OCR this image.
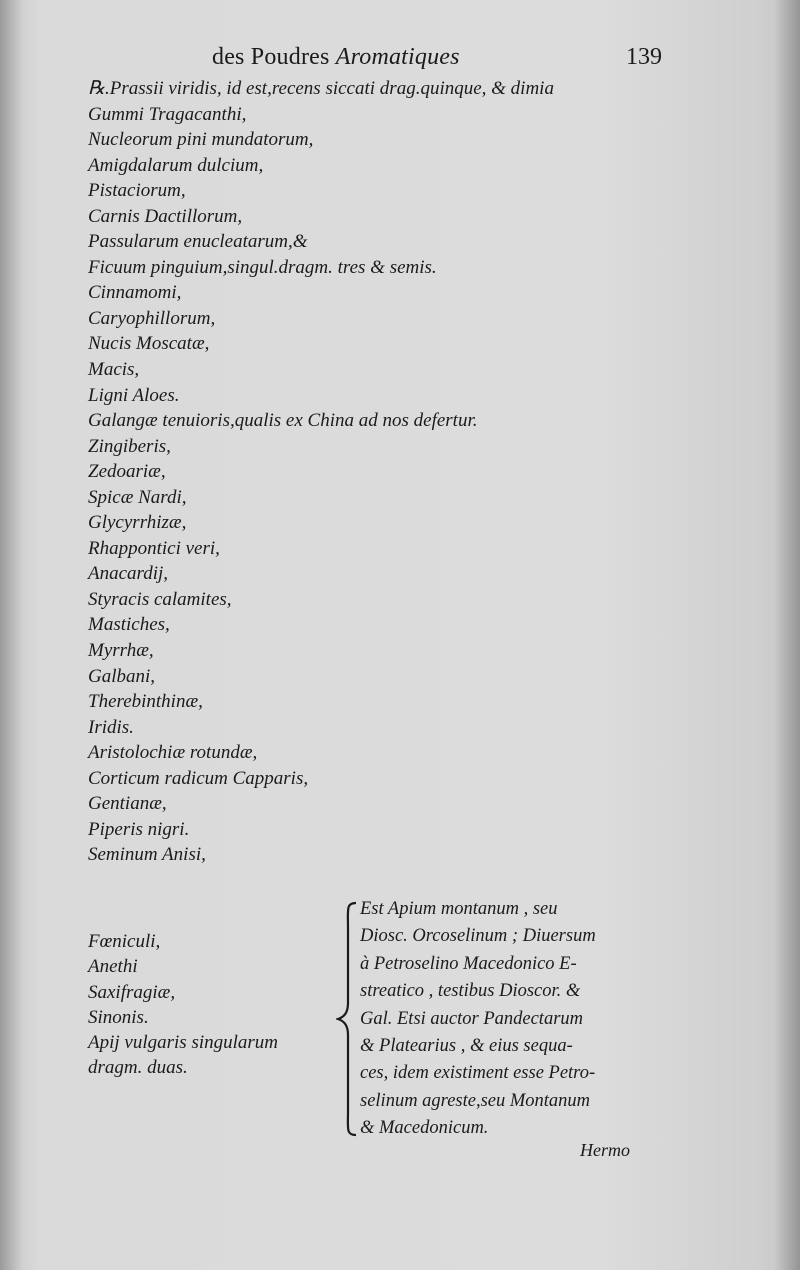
des Poudres Aromatiques	139
℞.Prassii viridis, id est,recens siccati drag.quinque, & dimia
Gummi Tragacanthi,
Nucleorum pini mundatorum,
Amigdalarum dulcium,
Pistaciorum,
Carnis Dactillorum,
Passularum enucleatarum,&
Ficuum pinguium,singul.dragm. tres & semis.
Cinnamomi,
Caryophillorum,
Nucis Moscatæ,
Macis,
Ligni Aloes.
Galangæ tenuioris,qualis ex China ad nos defertur.
Zingiberis,
Zedoariæ,
Spicæ Nardi,
Glycyrrhizæ,
Rhappontici veri,
Anacardij,
Styracis calamites,
Mastiches,
Myrrhæ,
Galbani,
Therebinthinæ,
Iridis.
Aristolochiæ rotundæ,
Corticum radicum Capparis,
Gentianæ,
Piperis nigri.
Seminum Anisi,
Fœniculi,
Anethi
Saxifragiæ,
Sinonis.
Apij vulgaris singularum
dragm. duas.
Est Apium montanum , seu
Diosc. Orcoselinum ; Diuersum
à Petroselino Macedonico E-
streatico , testibus Dioscor. &
Gal. Etsi auctor Pandectarum
& Platearius , & eius sequa-
ces, idem existiment esse Petro-
selinum agreste,seu Montanum
& Macedonicum.
Hermo
